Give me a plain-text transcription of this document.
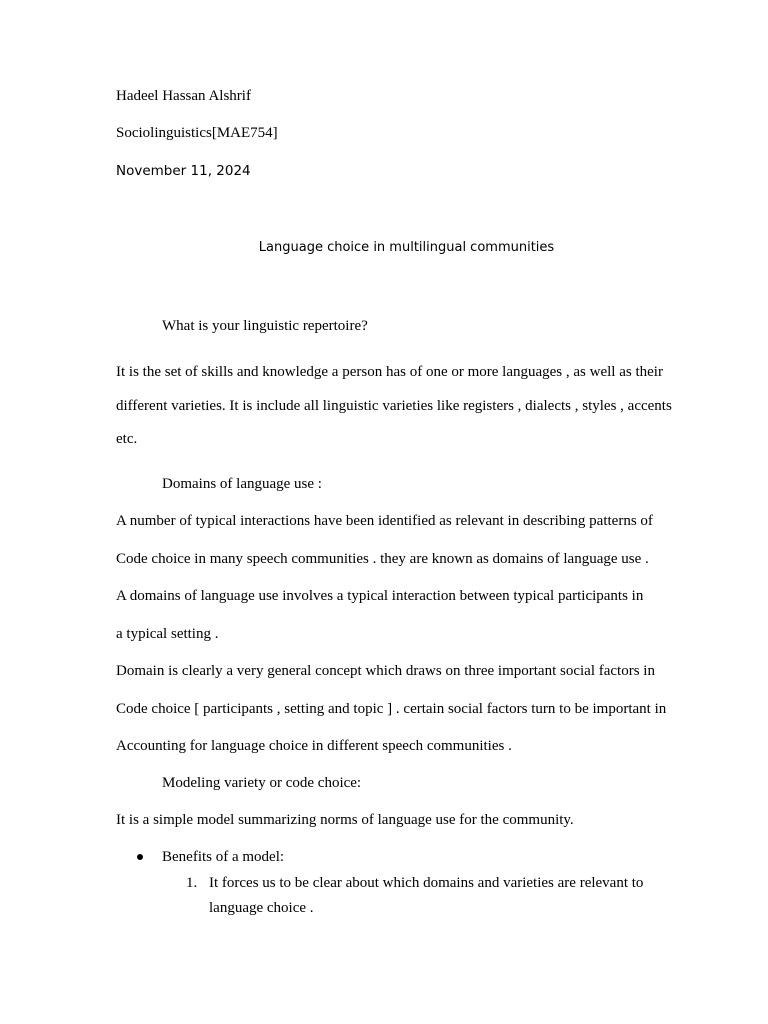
Hadeel Hassan Alshrif
Sociolinguistics[MAE754]
November 11, 2024
Language choice in multilingual communities
What is your linguistic repertoire?
It is the set of skills and knowledge a person has of one or more languages , as well as their
different varieties. It is include all linguistic varieties like registers , dialects , styles , accents
etc.
Domains of language use :
A number of typical interactions have been identified as relevant in describing patterns of
Code choice in many speech communities . they are known as domains of language use .
A domains of language use involves a typical interaction between typical participants in
a typical setting .
Domain is clearly a very general concept which draws on three important social factors in
Code choice [ participants , setting and topic ] . certain social factors turn to be important in
Accounting for language choice in different speech communities .
Modeling variety or code choice:
It is a simple model summarizing norms of language use for the community.
Benefits of a model:
1. It forces us to be clear about which domains and varieties are relevant to
language choice .
